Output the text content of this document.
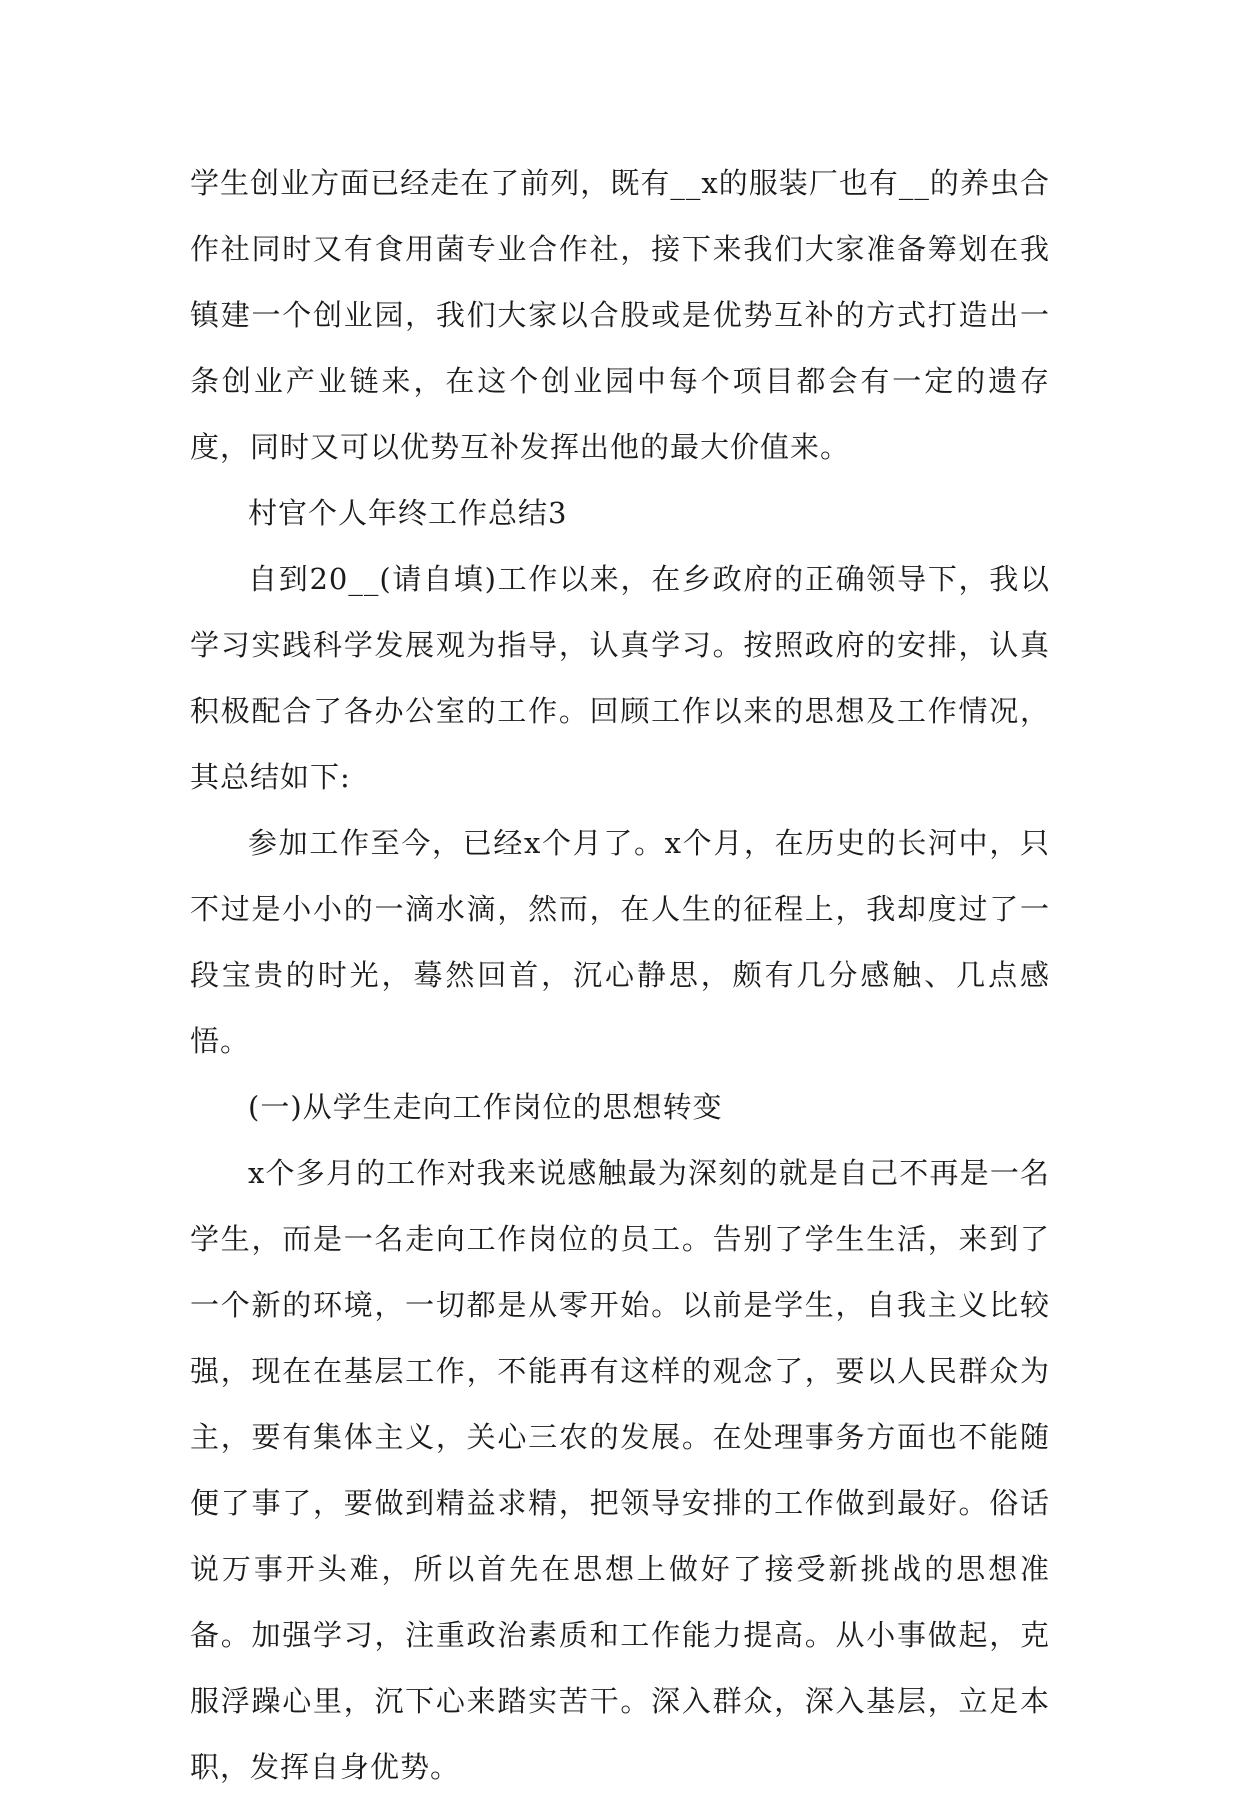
学生创业方面已经走在了前列，既有__x的服装厂也有__的养虫合作社同时又有食用菌专业合作社，接下来我们大家准备筹划在我镇建一个创业园，我们大家以合股或是优势互补的方式打造出一条创业产业链来，在这个创业园中每个项目都会有一定的遗存度，同时又可以优势互补发挥出他的最大价值来。

村官个人年终工作总结3

自到20__(请自填)工作以来，在乡政府的正确领导下，我以学习实践科学发展观为指导，认真学习。按照政府的安排，认真积极配合了各办公室的工作。回顾工作以来的思想及工作情况，其总结如下:

参加工作至今，已经x个月了。x个月，在历史的长河中，只不过是小小的一滴水滴，然而，在人生的征程上，我却度过了一段宝贵的时光，蓦然回首，沉心静思，颇有几分感触、几点感悟。

(一)从学生走向工作岗位的思想转变

x个多月的工作对我来说感触最为深刻的就是自己不再是一名学生，而是一名走向工作岗位的员工。告别了学生生活，来到了一个新的环境，一切都是从零开始。以前是学生，自我主义比较强，现在在基层工作，不能再有这样的观念了，要以人民群众为主，要有集体主义，关心三农的发展。在处理事务方面也不能随便了事了，要做到精益求精，把领导安排的工作做到最好。俗话说万事开头难，所以首先在思想上做好了接受新挑战的思想准备。加强学习，注重政治素质和工作能力提高。从小事做起，克服浮躁心里，沉下心来踏实苦干。深入群众，深入基层，立足本职，发挥自身优势。
